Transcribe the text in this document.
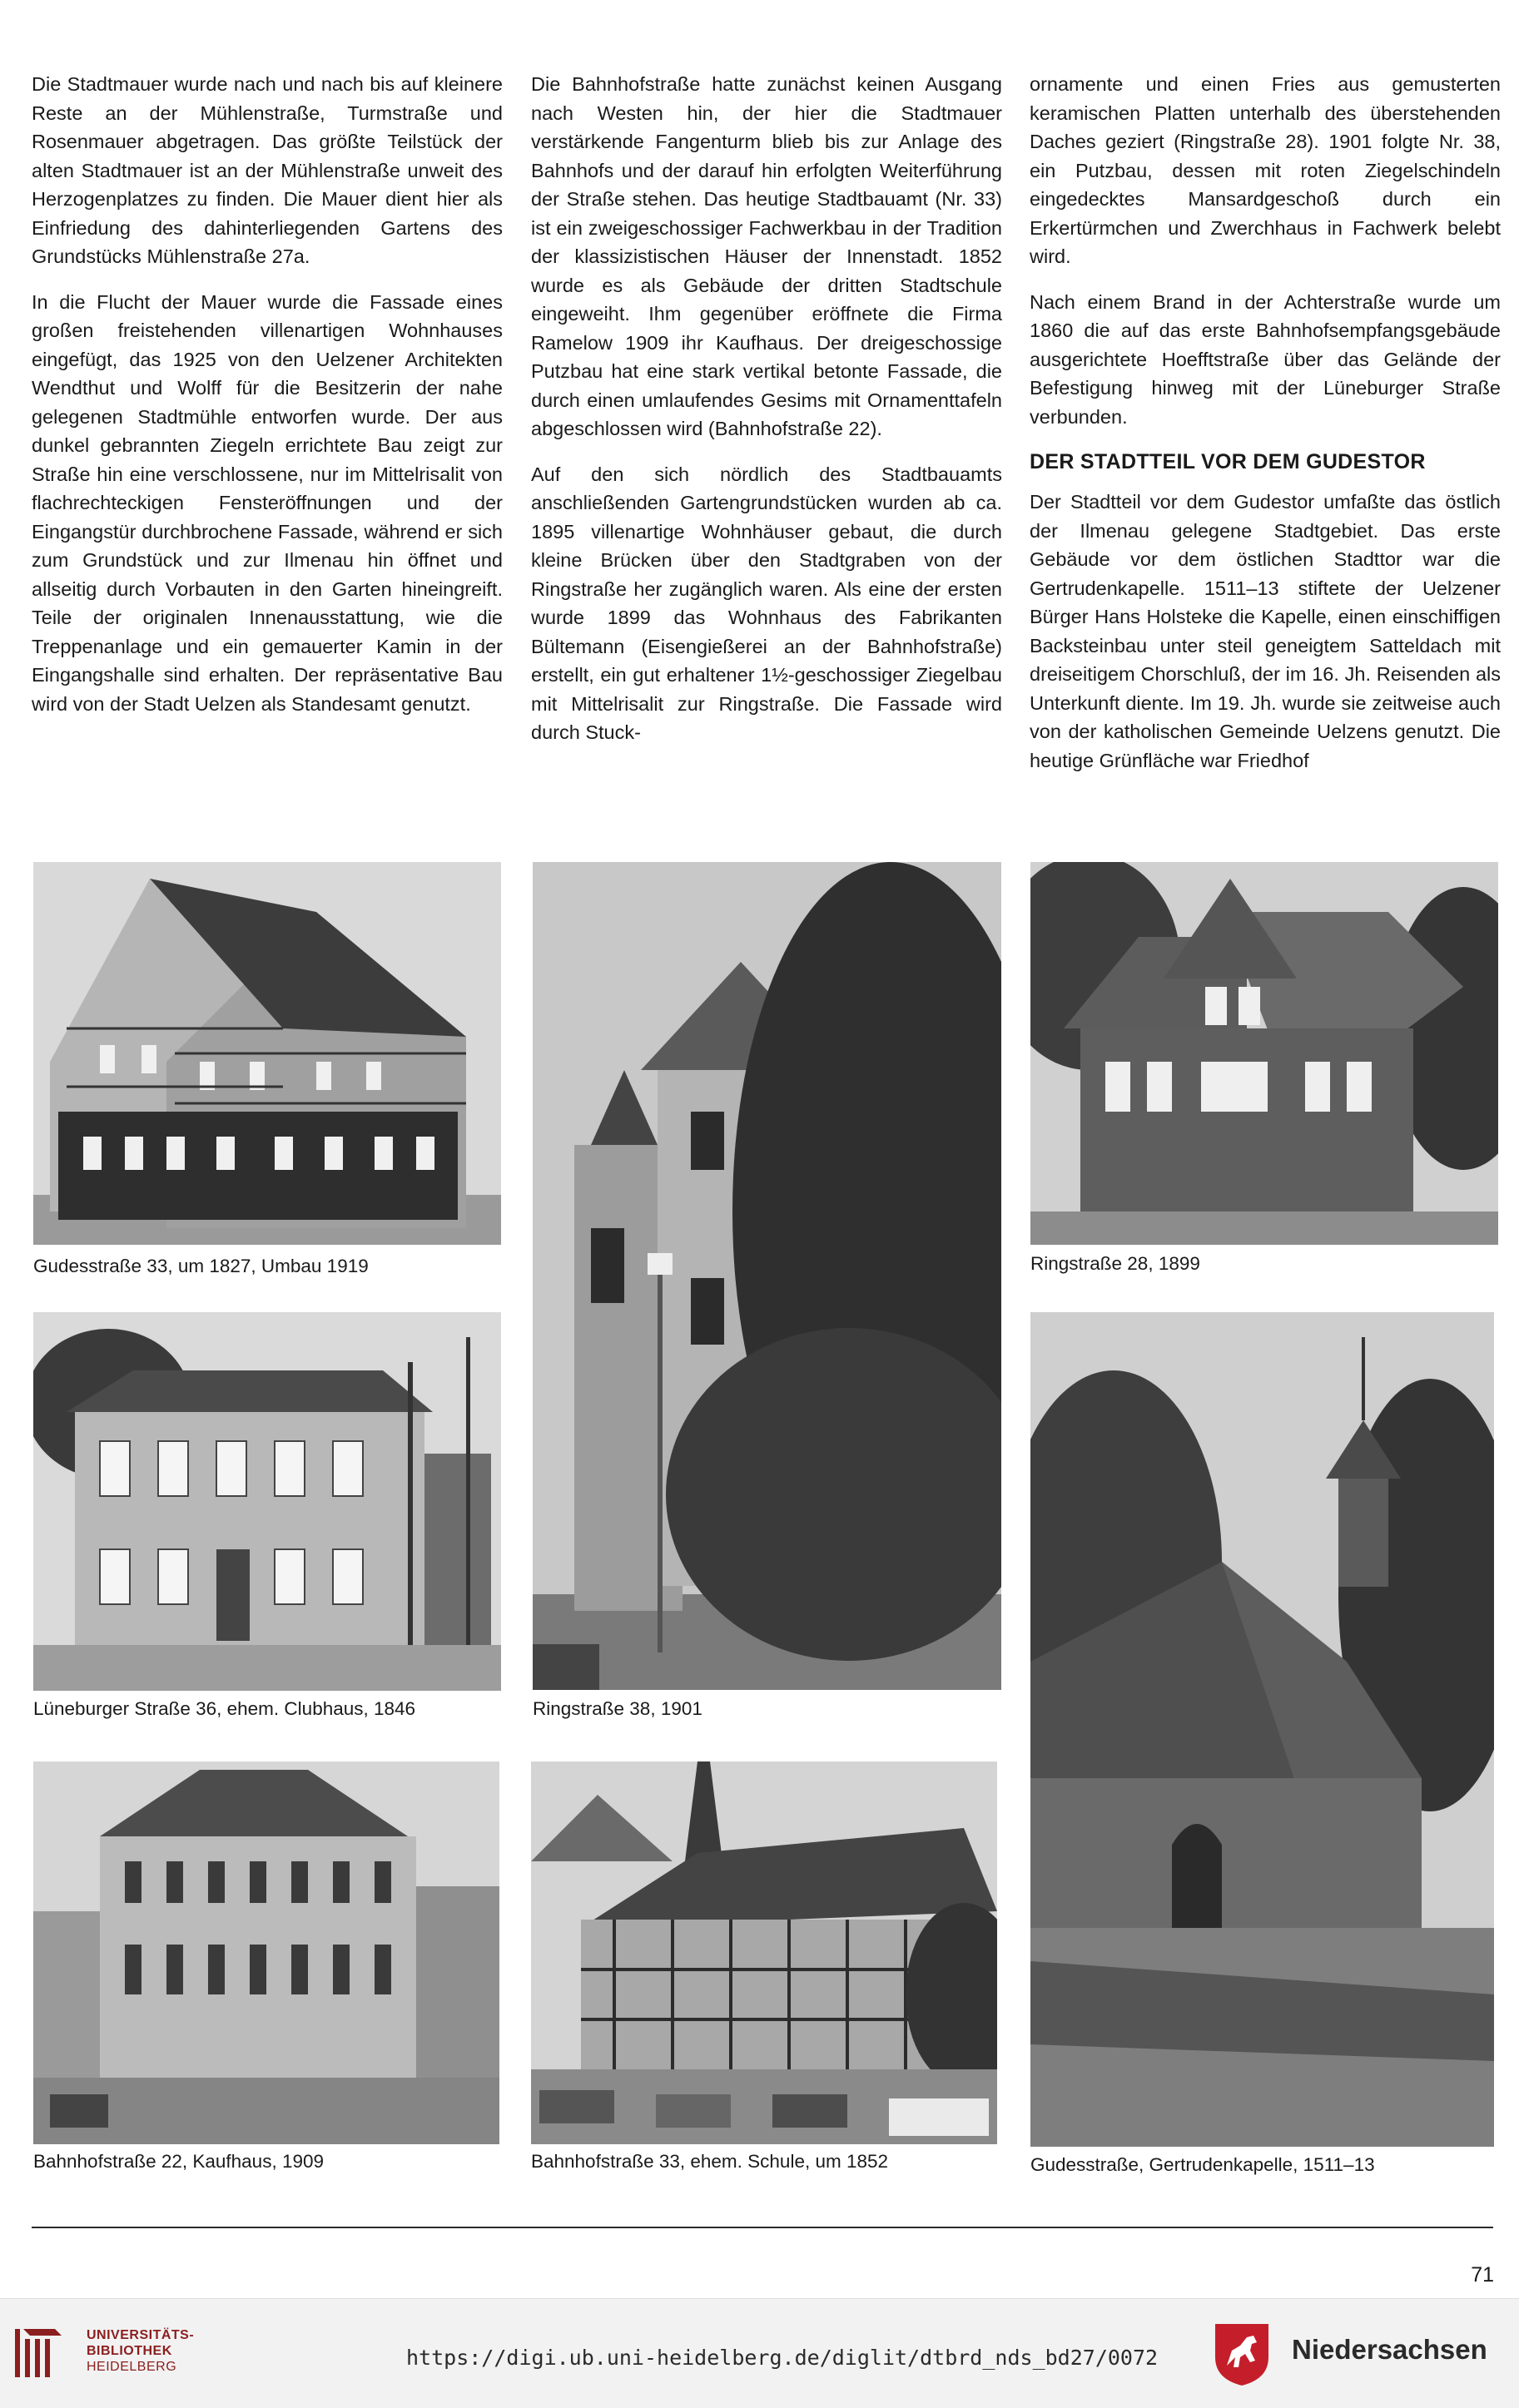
Die Stadtmauer wurde nach und nach bis auf kleinere Reste an der Mühlenstraße, Turmstraße und Rosenmauer abgetragen. Das größte Teilstück der alten Stadtmauer ist an der Mühlenstraße unweit des Herzogenplatzes zu finden. Die Mauer dient hier als Einfriedung des dahinterliegenden Gartens des Grundstücks Mühlenstraße 27a.

In die Flucht der Mauer wurde die Fassade eines großen freistehenden villenartigen Wohnhauses eingefügt, das 1925 von den Uelzener Architekten Wendthut und Wolff für die Besitzerin der nahe gelegenen Stadtmühle entworfen wurde. Der aus dunkel gebrannten Ziegeln errichtete Bau zeigt zur Straße hin eine verschlossene, nur im Mittelrisalit von flachrechteckigen Fensteröffnungen und der Eingangstür durchbrochene Fassade, während er sich zum Grundstück und zur Ilmenau hin öffnet und allseitig durch Vorbauten in den Garten hineingreift. Teile der originalen Innenausstattung, wie die Treppenanlage und ein gemauerter Kamin in der Eingangshalle sind erhalten. Der repräsentative Bau wird von der Stadt Uelzen als Standesamt genutzt.

Die Bahnhofstraße hatte zunächst keinen Ausgang nach Westen hin, der hier die Stadtmauer verstärkende Fangenturm blieb bis zur Anlage des Bahnhofs und der darauf hin erfolgten Weiterführung der Straße stehen. Das heutige Stadtbauamt (Nr. 33) ist ein zweigeschossiger Fachwerkbau in der Tradition der klassizistischen Häuser der Innenstadt. 1852 wurde es als Gebäude der dritten Stadtschule eingeweiht. Ihm gegenüber eröffnete die Firma Ramelow 1909 ihr Kaufhaus. Der dreigeschossige Putzbau hat eine stark vertikal betonte Fassade, die durch einen umlaufendes Gesims mit Ornamenttafeln abgeschlossen wird (Bahnhofstraße 22).

Auf den sich nördlich des Stadtbauamts anschließenden Gartengrundstücken wurden ab ca. 1895 villenartige Wohnhäuser gebaut, die durch kleine Brücken über den Stadtgraben von der Ringstraße her zugänglich waren. Als eine der ersten wurde 1899 das Wohnhaus des Fabrikanten Bültemann (Eisengießerei an der Bahnhofstraße) erstellt, ein gut erhaltener 1½-geschossiger Ziegelbau mit Mittelrisalit zur Ringstraße. Die Fassade wird durch Stuck-

ornamente und einen Fries aus gemusterten keramischen Platten unterhalb des überstehenden Daches geziert (Ringstraße 28). 1901 folgte Nr. 38, ein Putzbau, dessen mit roten Ziegelschindeln eingedecktes Mansardgeschoß durch ein Erkertürmchen und Zwerchhaus in Fachwerk belebt wird.

Nach einem Brand in der Achterstraße wurde um 1860 die auf das erste Bahnhofsempfangsgebäude ausgerichtete Hoefftstraße über das Gelände der Befestigung hinweg mit der Lüneburger Straße verbunden.

DER STADTTEIL VOR DEM GUDESTOR

Der Stadtteil vor dem Gudestor umfaßte das östlich der Ilmenau gelegene Stadtgebiet. Das erste Gebäude vor dem östlichen Stadttor war die Gertrudenkapelle. 1511–13 stiftete der Uelzener Bürger Hans Holsteke die Kapelle, einen einschiffigen Backsteinbau unter steil geneigtem Satteldach mit dreiseitigem Chorschluß, der im 16. Jh. Reisenden als Unterkunft diente. Im 19. Jh. wurde sie zeitweise auch von der katholischen Gemeinde Uelzens genutzt. Die heutige Grünfläche war Friedhof

Gudesstraße 33, um 1827, Umbau 1919
Ringstraße 38, 1901
Ringstraße 28, 1899
Lüneburger Straße 36, ehem. Clubhaus, 1846
Gudesstraße, Gertrudenkapelle, 1511–13
Bahnhofstraße 22, Kaufhaus, 1909	Bahnhofstraße 33, ehem. Schule, um 1852
71
UNIVERSITÄTS-
BIBLIOTHEK
HEIDELBERG	https://digi.ub.uni-heidelberg.de/diglit/dtbrd_nds_bd27/0072	Niedersachsen
